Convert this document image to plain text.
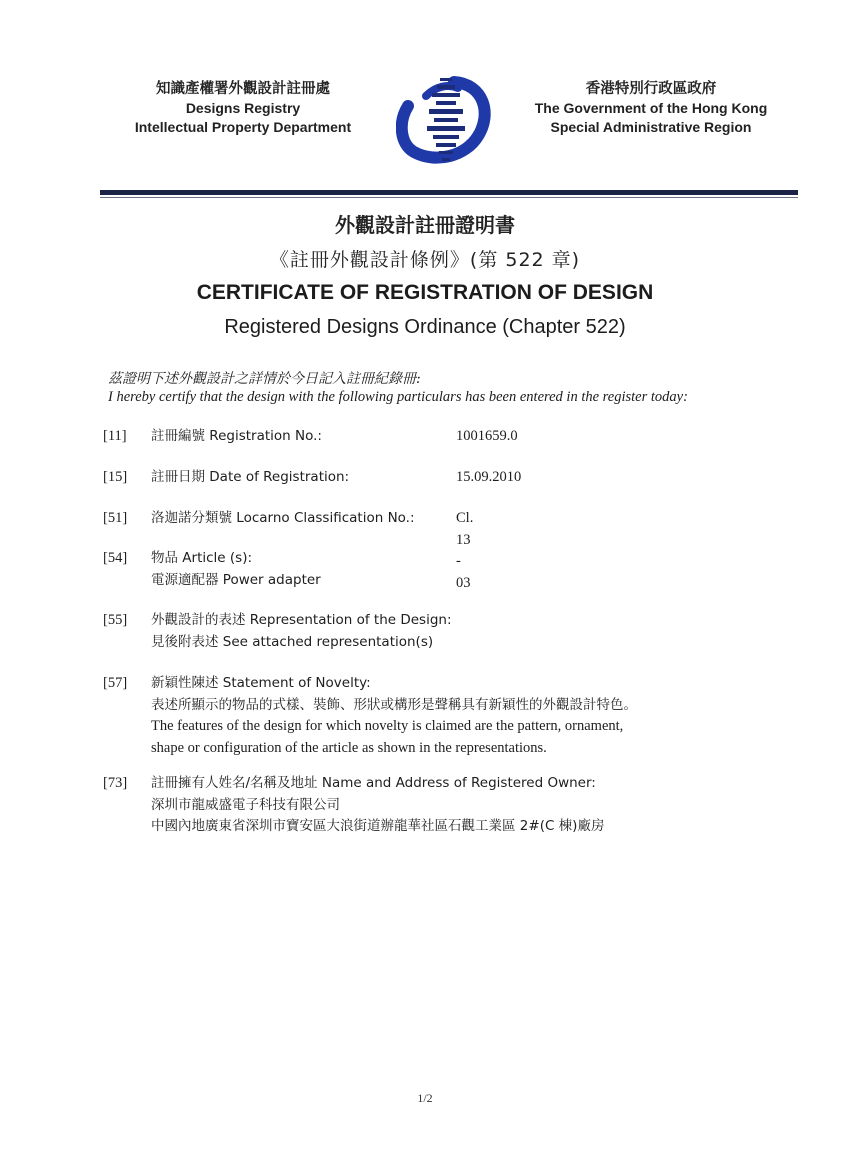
知識產權署外觀設計註冊處
Designs Registry
Intellectual Property Department
香港特別行政區政府
The Government of the Hong Kong
Special Administrative Region
外觀設計註冊證明書
《註冊外觀設計條例》(第 522 章)
CERTIFICATE OF REGISTRATION OF DESIGN
Registered Designs Ordinance (Chapter 522)
茲證明下述外觀設計之詳情於今日記入註冊紀錄冊:
I hereby certify that the design with the following particulars has been entered in the register today:
[11]	註冊編號 Registration No.:	1001659.0
[15]	註冊日期 Date of Registration:	15.09.2010
[51]	洛迦諾分類號 Locarno Classification No.:	Cl. 13 - 03
[54]	物品 Article (s):
電源適配器 Power adapter
[55]	外觀設計的表述 Representation of the Design:
見後附表述 See attached representation(s)
[57]	新穎性陳述 Statement of Novelty:
表述所顯示的物品的式樣、裝飾、形狀或構形是聲稱具有新穎性的外觀設計特色。
The features of the design for which novelty is claimed are the pattern, ornament,
shape or configuration of the article as shown in the representations.
[73]	註冊擁有人姓名/名稱及地址 Name and Address of Registered Owner:
深圳市龍威盛電子科技有限公司
中國內地廣東省深圳市寶安區大浪街道辦龍華社區石觀工業區 2#(C 棟)廠房
1/2
